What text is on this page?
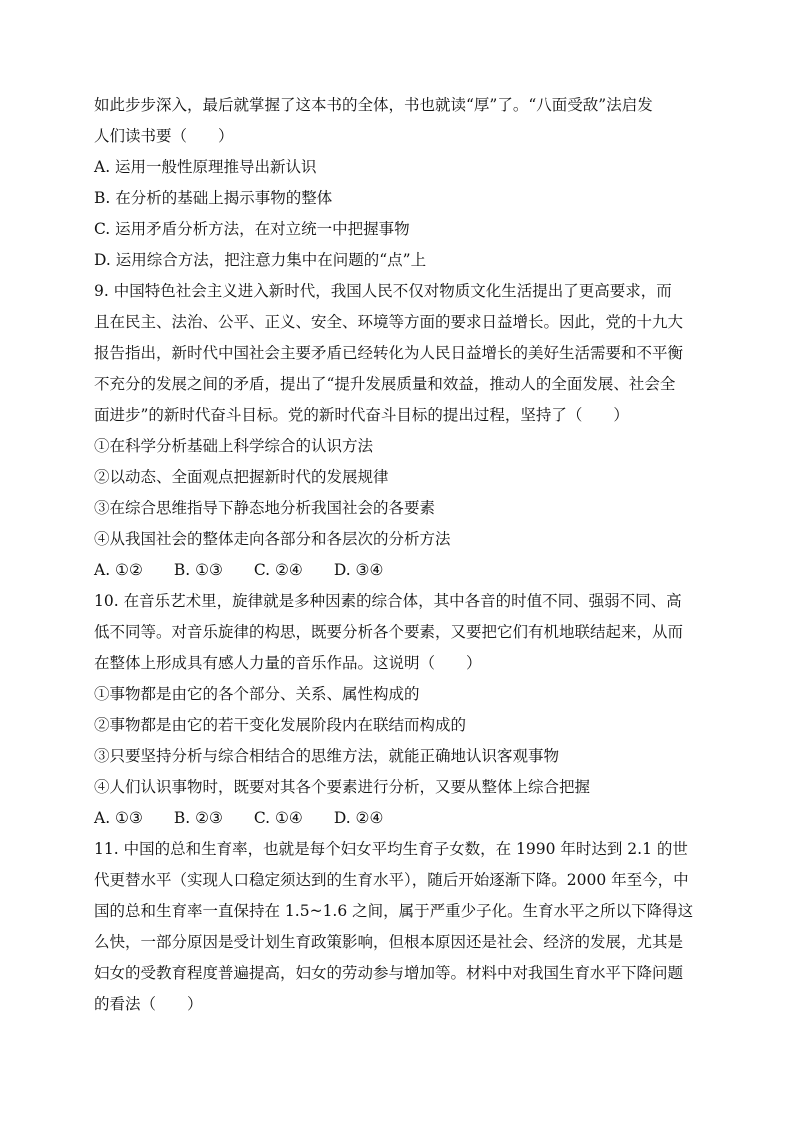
如此步步深入，最后就掌握了这本书的全体，书也就读“厚”了。“八面受敌”法启发
人们读书要（　　）
A. 运用一般性原理推导出新认识
B. 在分析的基础上揭示事物的整体
C. 运用矛盾分析方法，在对立统一中把握事物
D. 运用综合方法，把注意力集中在问题的“点”上
9. 中国特色社会主义进入新时代，我国人民不仅对物质文化生活提出了更高要求，而
且在民主、法治、公平、正义、安全、环境等方面的要求日益增长。因此，党的十九大
报告指出，新时代中国社会主要矛盾已经转化为人民日益增长的美好生活需要和不平衡
不充分的发展之间的矛盾，提出了“提升发展质量和效益，推动人的全面发展、社会全
面进步”的新时代奋斗目标。党的新时代奋斗目标的提出过程，坚持了（　　）
①在科学分析基础上科学综合的认识方法
②以动态、全面观点把握新时代的发展规律
③在综合思维指导下静态地分析我国社会的各要素
④从我国社会的整体走向各部分和各层次的分析方法
A. ①②　　B. ①③　　C. ②④　　D. ③④
10. 在音乐艺术里，旋律就是多种因素的综合体，其中各音的时值不同、强弱不同、高
低不同等。对音乐旋律的构思，既要分析各个要素，又要把它们有机地联结起来，从而
在整体上形成具有感人力量的音乐作品。这说明（　　）
①事物都是由它的各个部分、关系、属性构成的
②事物都是由它的若干变化发展阶段内在联结而构成的
③只要坚持分析与综合相结合的思维方法，就能正确地认识客观事物
④人们认识事物时，既要对其各个要素进行分析，又要从整体上综合把握
A. ①③　　B. ②③　　C. ①④　　D. ②④
11. 中国的总和生育率，也就是每个妇女平均生育子女数，在 1990 年时达到 2.1 的世
代更替水平（实现人口稳定须达到的生育水平），随后开始逐渐下降。2000 年至今，中
国的总和生育率一直保持在 1.5~1.6 之间，属于严重少子化。生育水平之所以下降得这
么快，一部分原因是受计划生育政策影响，但根本原因还是社会、经济的发展，尤其是
妇女的受教育程度普遍提高，妇女的劳动参与增加等。材料中对我国生育水平下降问题
的看法（　　）
